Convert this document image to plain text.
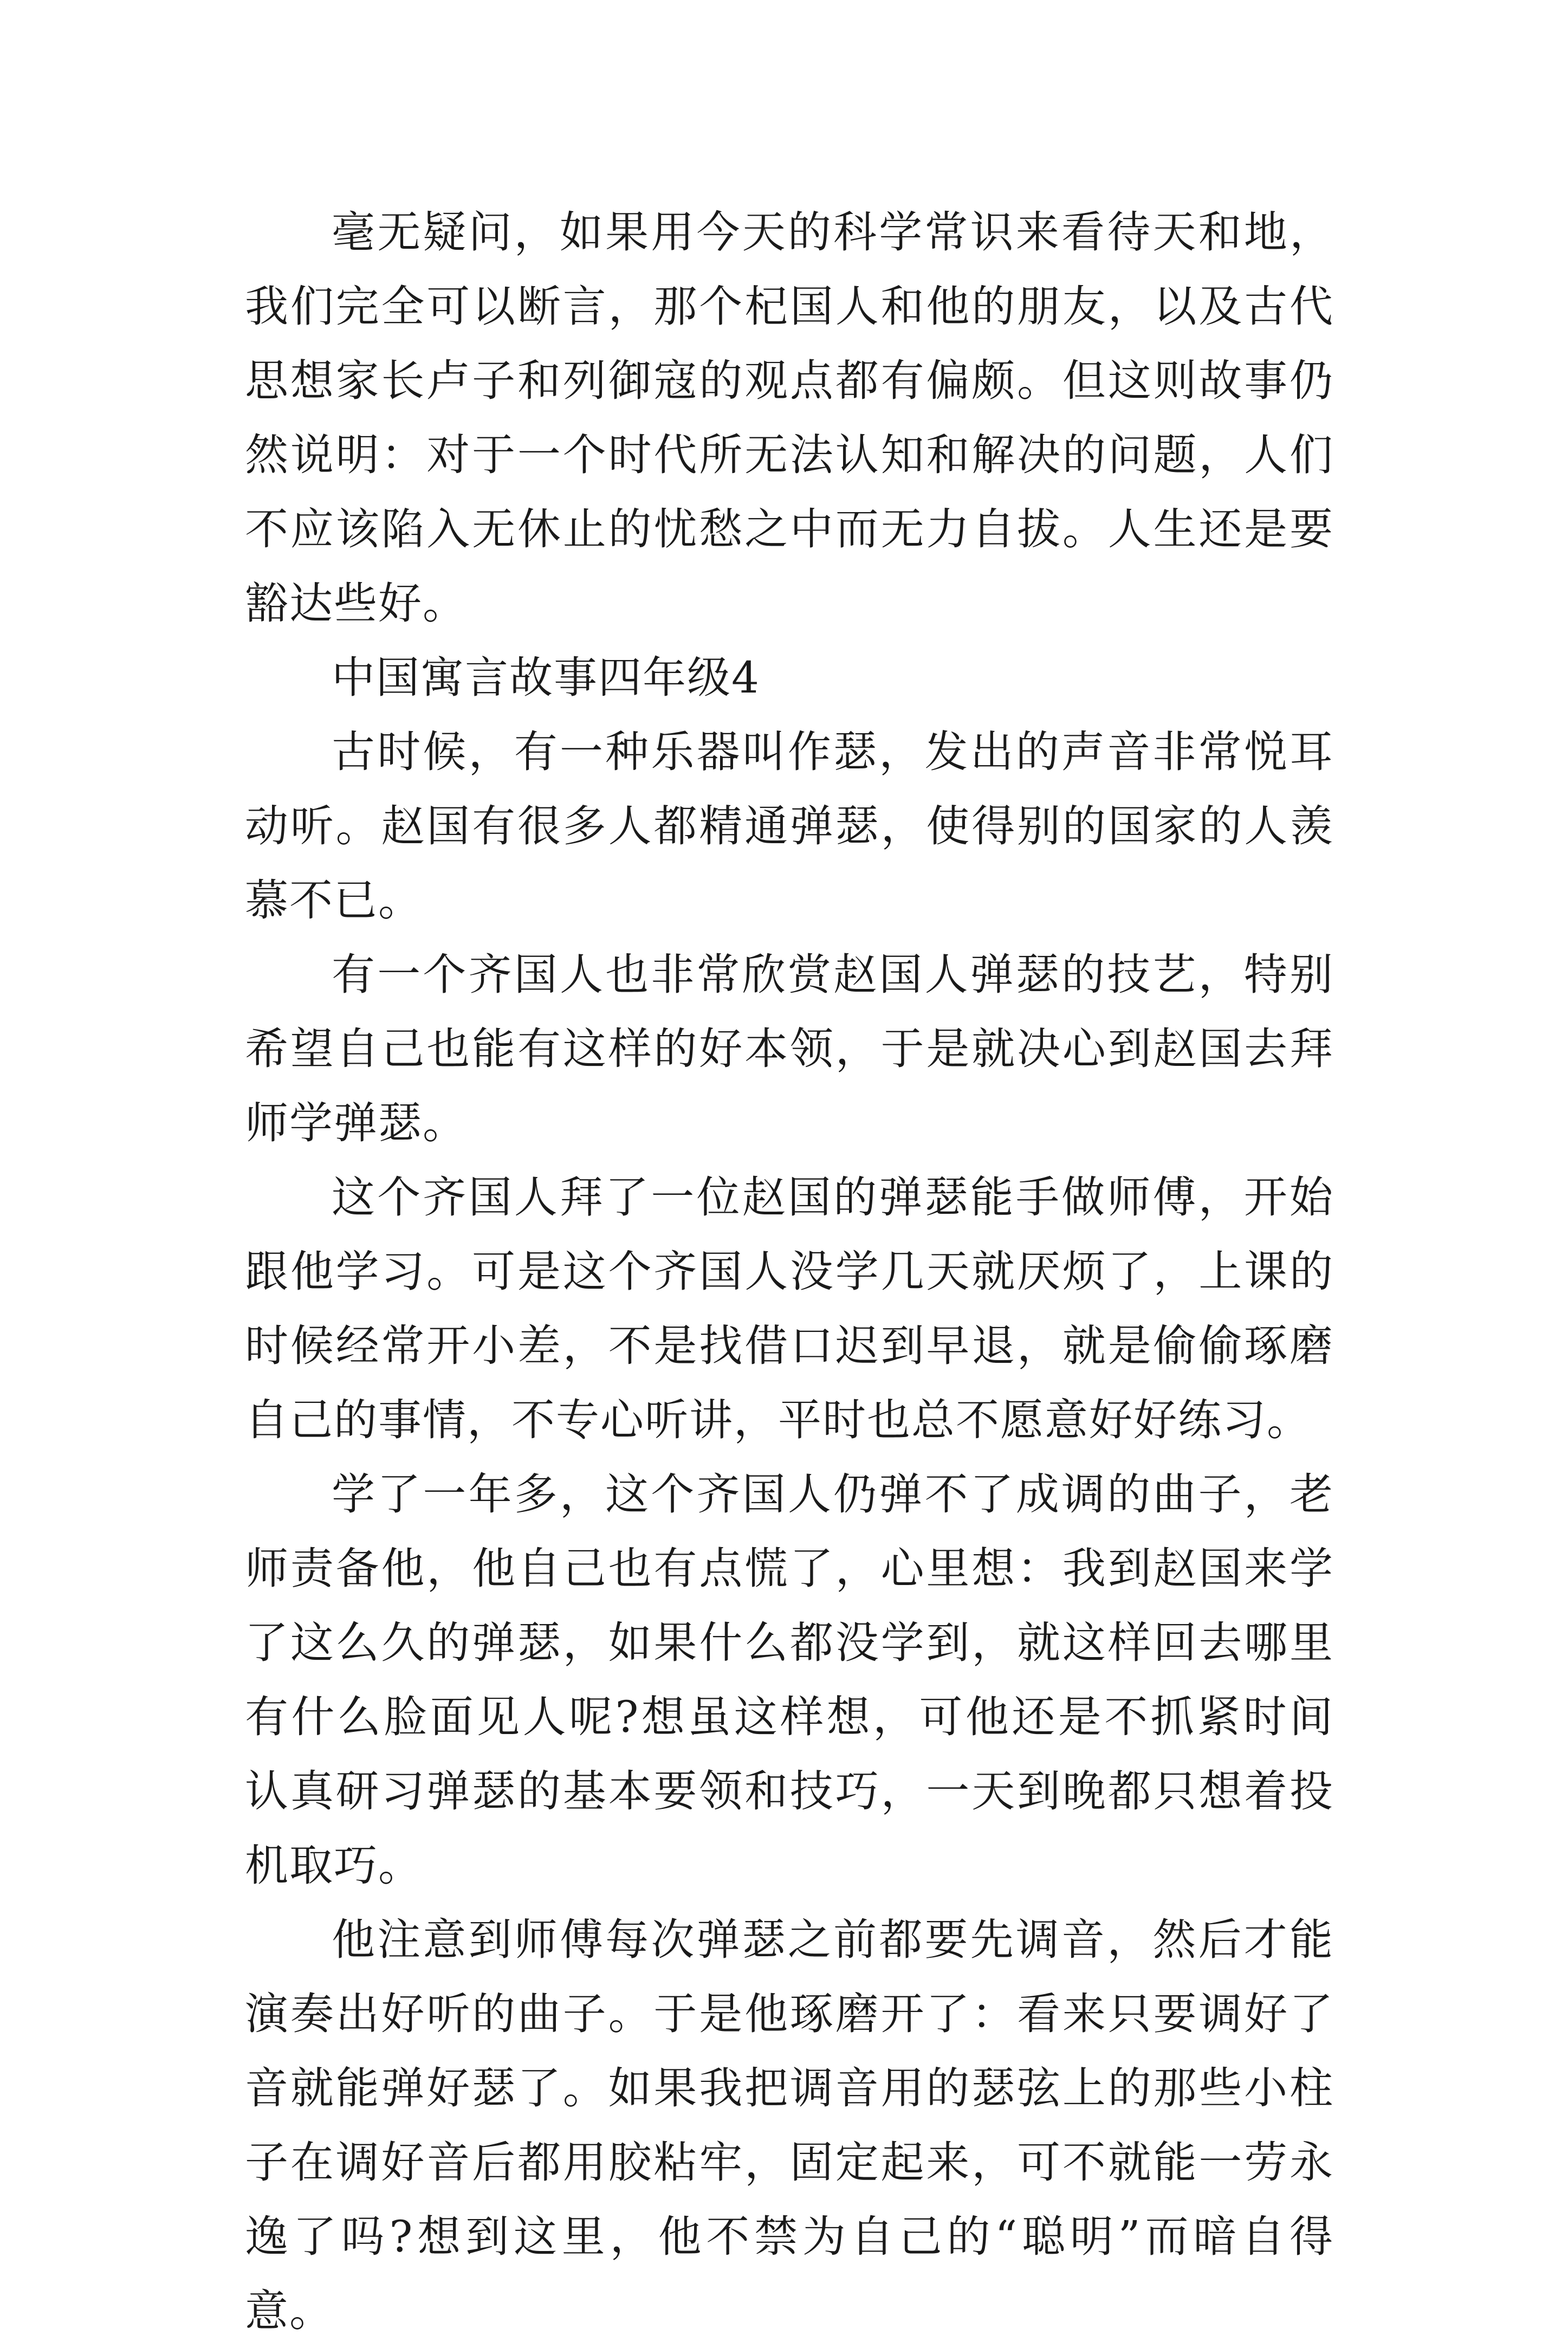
毫无疑问，如果用今天的科学常识来看待天和地，我们完全可以断言，那个杞国人和他的朋友，以及古代思想家长卢子和列御寇的观点都有偏颇。但这则故事仍然说明：对于一个时代所无法认知和解决的问题，人们不应该陷入无休止的忧愁之中而无力自拔。人生还是要豁达些好。

中国寓言故事四年级4

古时候，有一种乐器叫作瑟，发出的声音非常悦耳动听。赵国有很多人都精通弹瑟，使得别的国家的人羡慕不已。

有一个齐国人也非常欣赏赵国人弹瑟的技艺，特别希望自己也能有这样的好本领，于是就决心到赵国去拜师学弹瑟。

这个齐国人拜了一位赵国的弹瑟能手做师傅，开始跟他学习。可是这个齐国人没学几天就厌烦了，上课的时候经常开小差，不是找借口迟到早退，就是偷偷琢磨自己的事情，不专心听讲，平时也总不愿意好好练习。

学了一年多，这个齐国人仍弹不了成调的曲子，老师责备他，他自己也有点慌了，心里想：我到赵国来学了这么久的弹瑟，如果什么都没学到，就这样回去哪里有什么脸面见人呢?想虽这样想，可他还是不抓紧时间认真研习弹瑟的基本要领和技巧，一天到晚都只想着投机取巧。

他注意到师傅每次弹瑟之前都要先调音，然后才能演奏出好听的曲子。于是他琢磨开了：看来只要调好了音就能弹好瑟了。如果我把调音用的瑟弦上的那些小柱子在调好音后都用胶粘牢，固定起来，可不就能一劳永逸了吗?想到这里，他不禁为自己的“聪明”而暗自得意。
